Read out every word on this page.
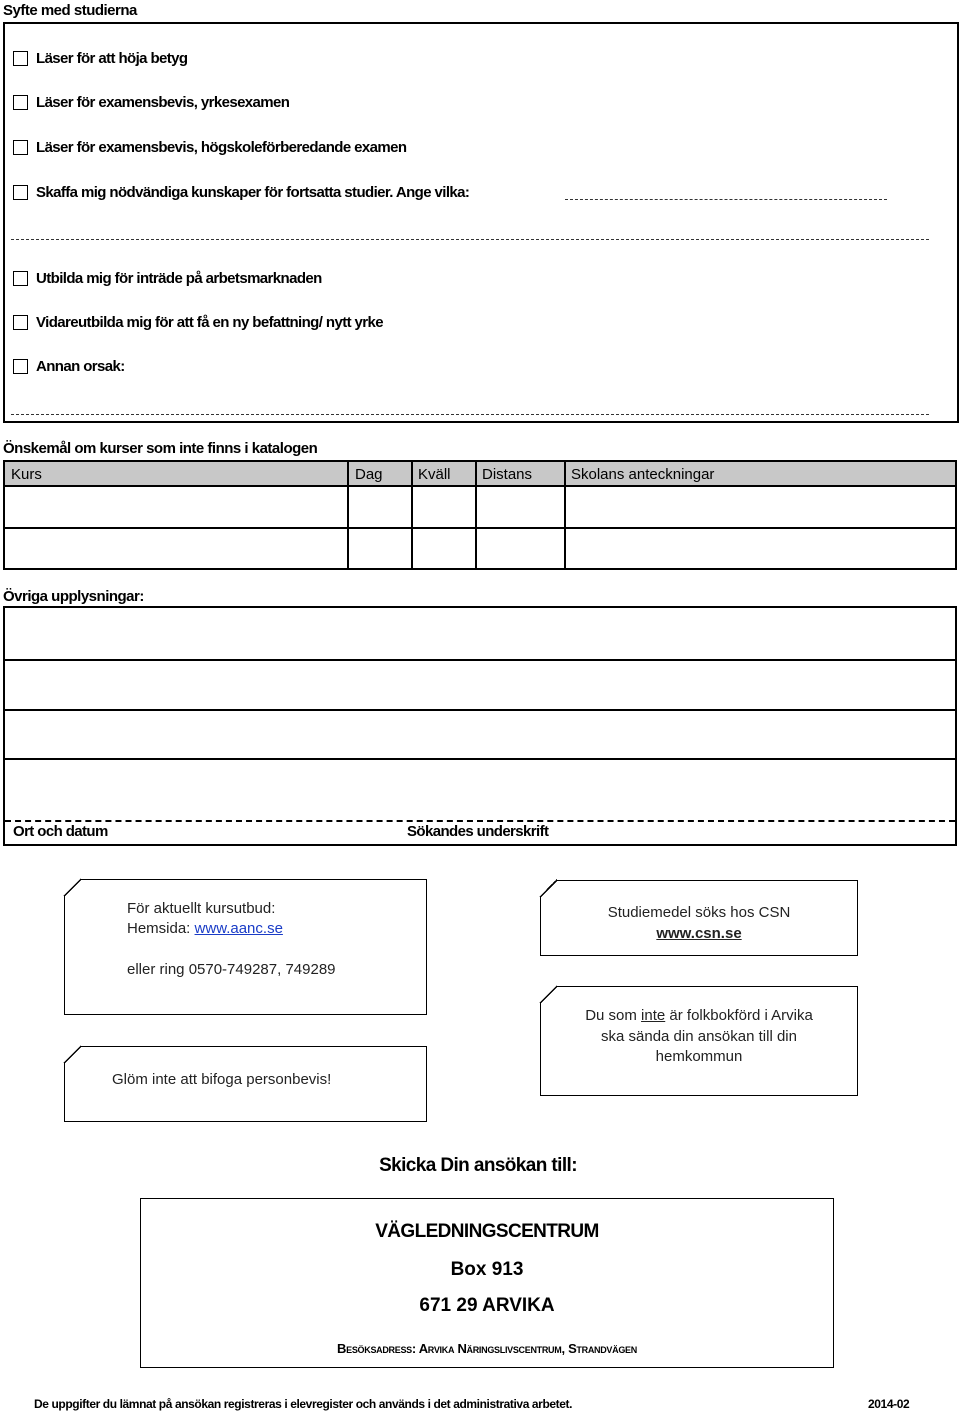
Syfte med studierna
Läser för att höja betyg
Läser för examensbevis, yrkesexamen
Läser för examensbevis, högskoleförberedande examen
Skaffa mig nödvändiga kunskaper för fortsatta studier. Ange vilka:
Utbilda mig för inträde på arbetsmarknaden
Vidareutbilda mig för att få en ny befattning/ nytt yrke
Annan orsak:
Önskemål om kurser som inte finns i katalogen
Kurs	Dag Kväll Distans	Skolans anteckningar
Övriga upplysningar:
Ort och datum	Sökandes underskrift
För aktuellt kursutbud:
Hemsida: www.aanc.se
eller ring 0570-749287, 749289
Studiemedel söks hos CSN
www.csn.se
Du som inte är folkbokförd i Arvika
ska sända din ansökan till din
hemkommun
Glöm inte att bifoga personbevis!
Skicka Din ansökan till:
VÄGLEDNINGSCENTRUM
Box 913
671 29 ARVIKA
Besöksadress: Arvika Näringslivscentrum, Strandvägen
De uppgifter du lämnat på ansökan registreras i elevregister och används i det administrativa arbetet.	2014-02
